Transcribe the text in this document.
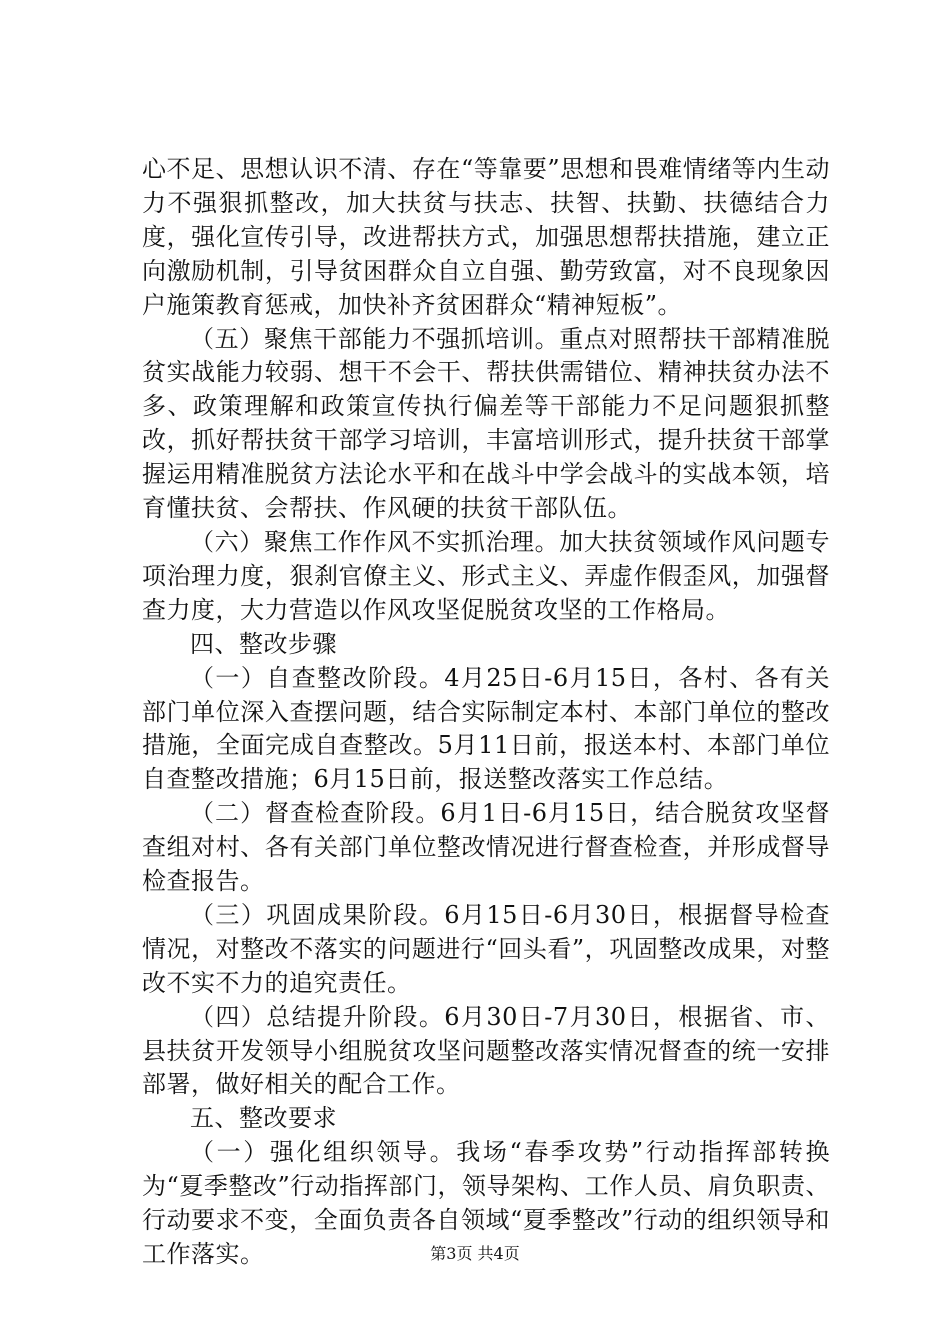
心不足、思想认识不清、存在“等靠要”思想和畏难情绪等内生动力不强狠抓整改，加大扶贫与扶志、扶智、扶勤、扶德结合力度，强化宣传引导，改进帮扶方式，加强思想帮扶措施，建立正向激励机制，引导贫困群众自立自强、勤劳致富，对不良现象因户施策教育惩戒，加快补齐贫困群众“精神短板”。

（五）聚焦干部能力不强抓培训。重点对照帮扶干部精准脱贫实战能力较弱、想干不会干、帮扶供需错位、精神扶贫办法不多、政策理解和政策宣传执行偏差等干部能力不足问题狠抓整改，抓好帮扶贫干部学习培训，丰富培训形式，提升扶贫干部掌握运用精准脱贫方法论水平和在战斗中学会战斗的实战本领，培育懂扶贫、会帮扶、作风硬的扶贫干部队伍。

（六）聚焦工作作风不实抓治理。加大扶贫领域作风问题专项治理力度，狠刹官僚主义、形式主义、弄虚作假歪风，加强督查力度，大力营造以作风攻坚促脱贫攻坚的工作格局。

四、整改步骤

（一）自查整改阶段。4月25日-6月15日，各村、各有关部门单位深入查摆问题，结合实际制定本村、本部门单位的整改措施，全面完成自查整改。5月11日前，报送本村、本部门单位自查整改措施；6月15日前，报送整改落实工作总结。

（二）督查检查阶段。6月1日-6月15日，结合脱贫攻坚督查组对村、各有关部门单位整改情况进行督查检查，并形成督导检查报告。

（三）巩固成果阶段。6月15日-6月30日，根据督导检查情况，对整改不落实的问题进行“回头看”，巩固整改成果，对整改不实不力的追究责任。

（四）总结提升阶段。6月30日-7月30日，根据省、市、县扶贫开发领导小组脱贫攻坚问题整改落实情况督查的统一安排部署，做好相关的配合工作。

五、整改要求

（一）强化组织领导。我场“春季攻势”行动指挥部转换为“夏季整改”行动指挥部门，领导架构、工作人员、肩负职责、行动要求不变，全面负责各自领域“夏季整改”行动的组织领导和工作落实。	第3页 共4页
